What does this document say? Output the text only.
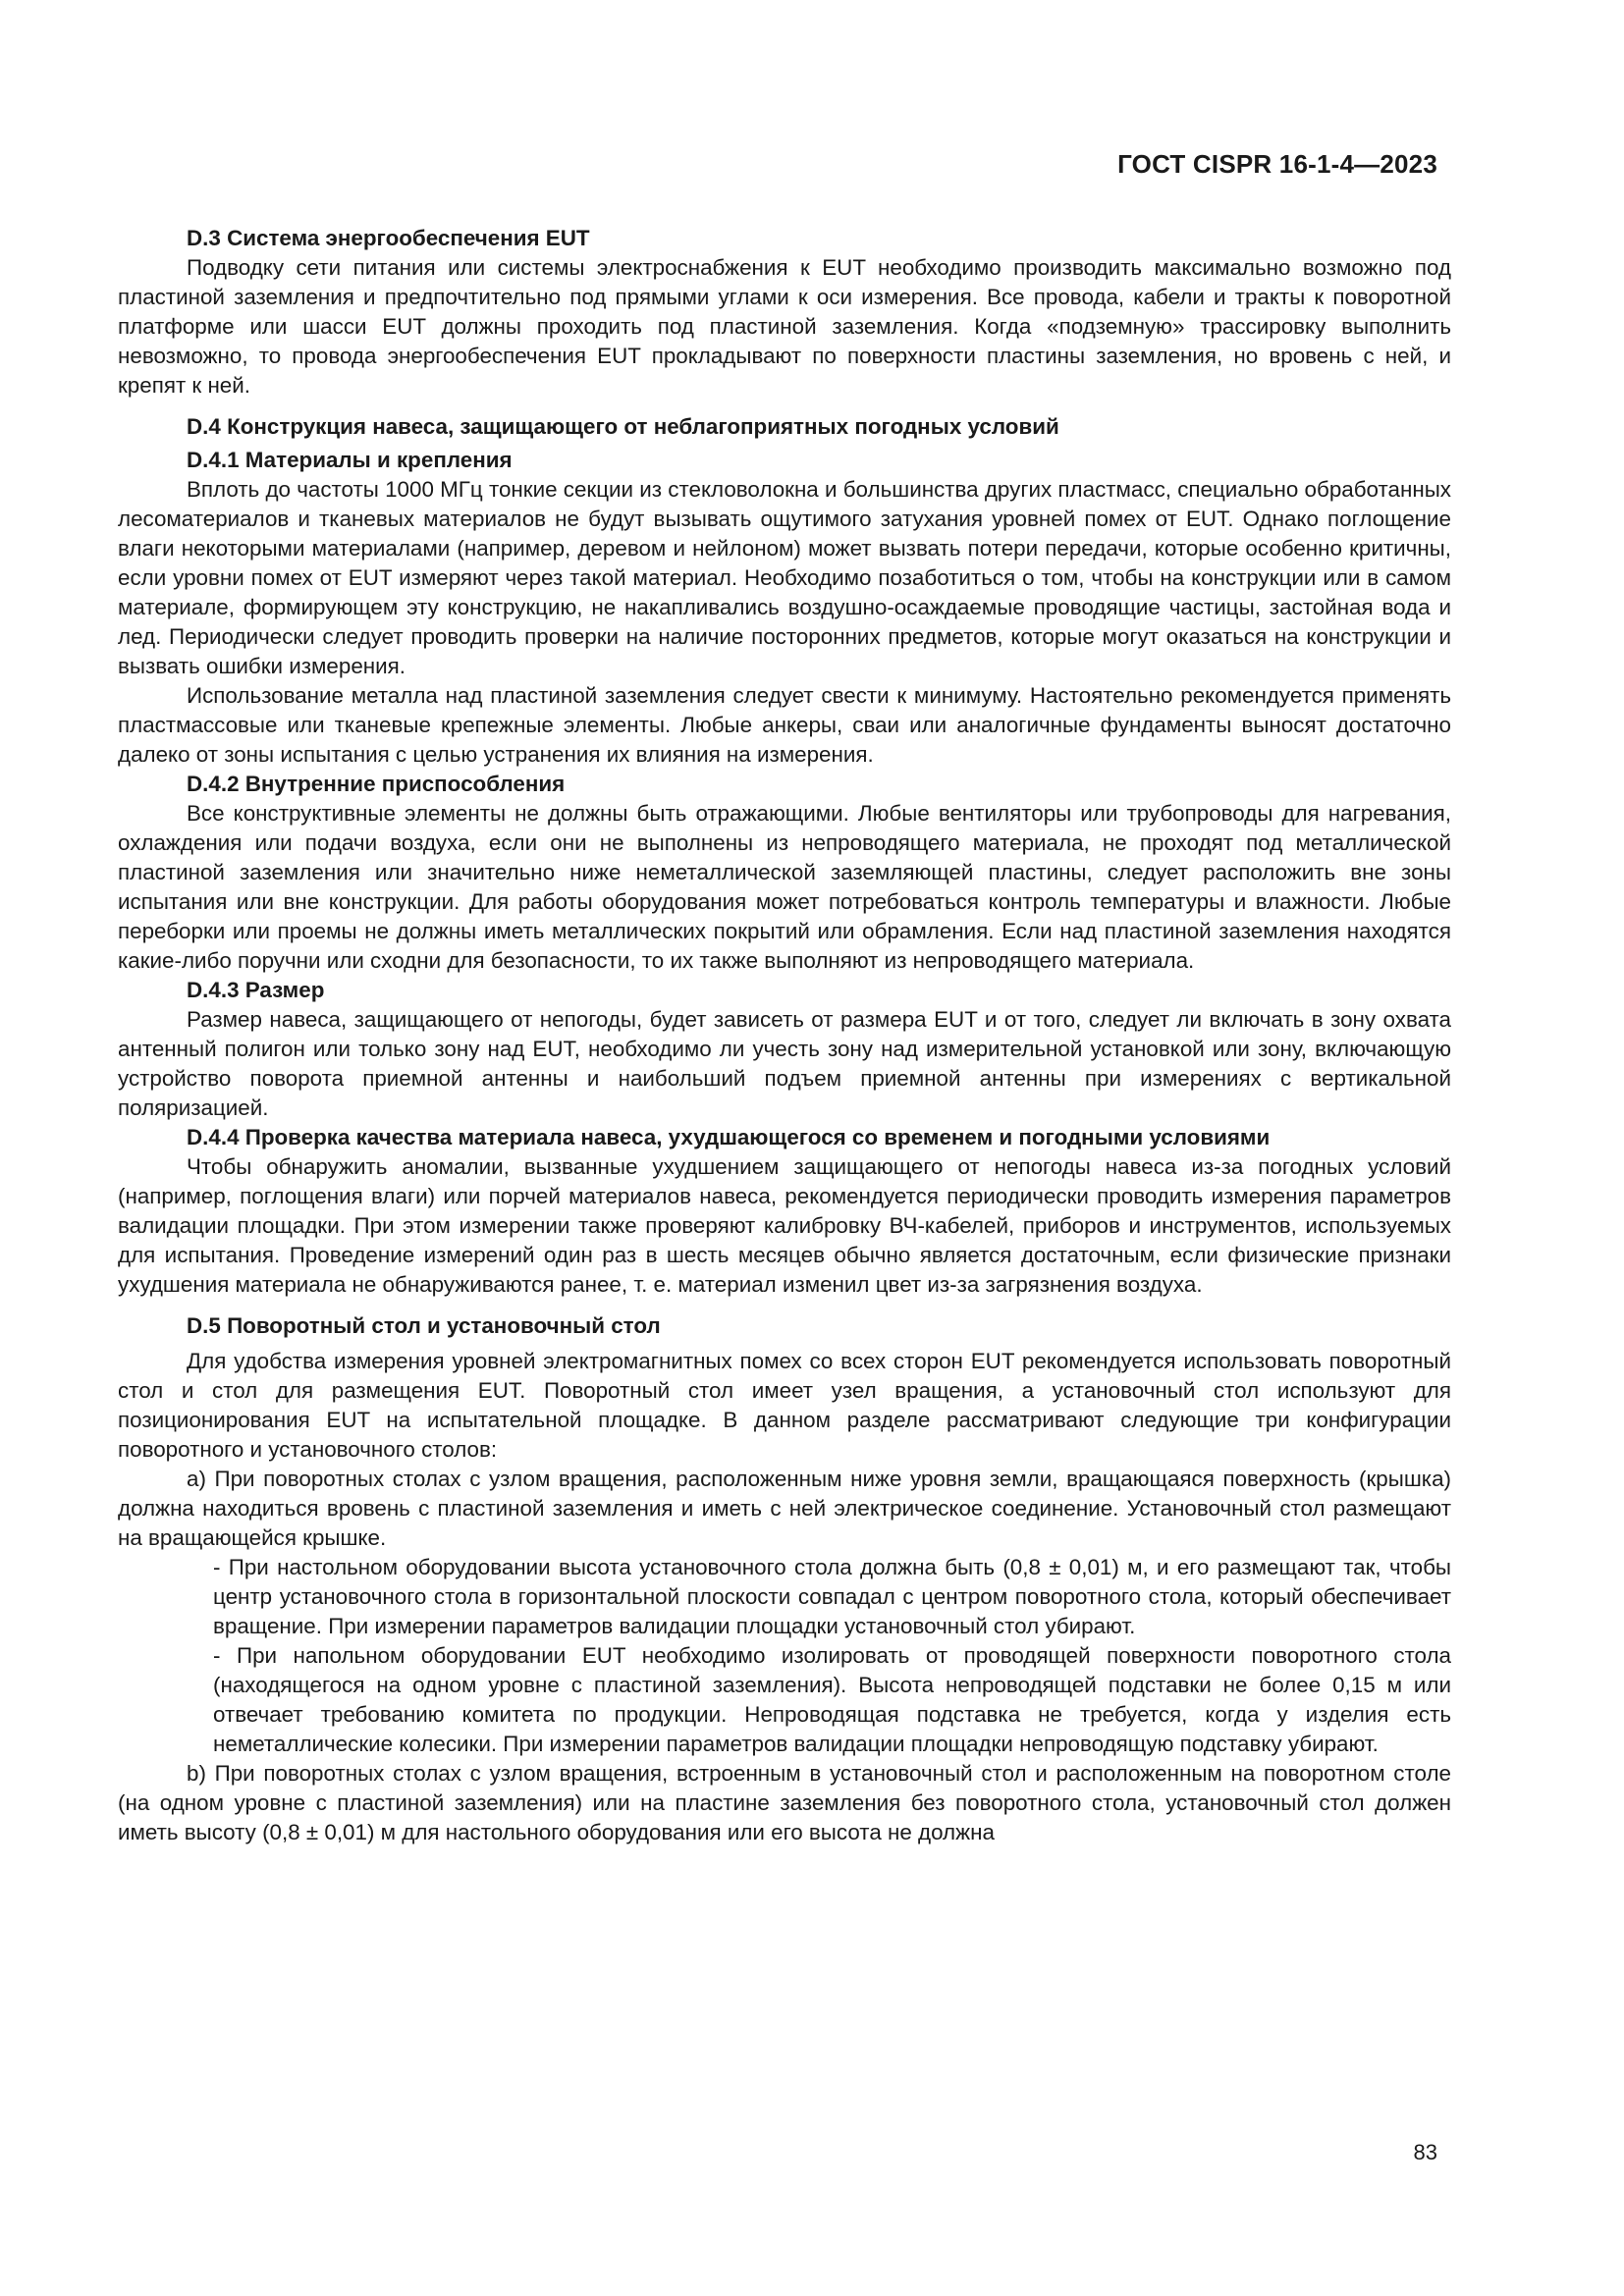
ГОСТ CISPR 16-1-4—2023

D.3 Система энергообеспечения EUT

Подводку сети питания или системы электроснабжения к EUT необходимо производить максимально возможно под пластиной заземления и предпочтительно под прямыми углами к оси измерения. Все провода, кабели и тракты к поворотной платформе или шасси EUT должны проходить под пластиной заземления. Когда «подземную» трассировку выполнить невозможно, то провода энергообеспечения EUT прокладывают по поверхности пластины заземления, но вровень с ней, и крепят к ней.

D.4 Конструкция навеса, защищающего от неблагоприятных погодных условий

D.4.1 Материалы и крепления

Вплоть до частоты 1000 МГц тонкие секции из стекловолокна и большинства других пластмасс, специально обработанных лесоматериалов и тканевых материалов не будут вызывать ощутимого затухания уровней помех от EUT. Однако поглощение влаги некоторыми материалами (например, деревом и нейлоном) может вызвать потери передачи, которые особенно критичны, если уровни помех от EUT измеряют через такой материал. Необходимо позаботиться о том, чтобы на конструкции или в самом материале, формирующем эту конструкцию, не накапливались воздушно-осаждаемые проводящие частицы, застойная вода и лед. Периодически следует проводить проверки на наличие посторонних предметов, которые могут оказаться на конструкции и вызвать ошибки измерения.

Использование металла над пластиной заземления следует свести к минимуму. Настоятельно рекомендуется применять пластмассовые или тканевые крепежные элементы. Любые анкеры, сваи или аналогичные фундаменты выносят достаточно далеко от зоны испытания с целью устранения их влияния на измерения.

D.4.2 Внутренние приспособления

Все конструктивные элементы не должны быть отражающими. Любые вентиляторы или трубопроводы для нагревания, охлаждения или подачи воздуха, если они не выполнены из непроводящего материала, не проходят под металлической пластиной заземления или значительно ниже неметаллической заземляющей пластины, следует расположить вне зоны испытания или вне конструкции. Для работы оборудования может потребоваться контроль температуры и влажности. Любые переборки или проемы не должны иметь металлических покрытий или обрамления. Если над пластиной заземления находятся какие-либо поручни или сходни для безопасности, то их также выполняют из непроводящего материала.

D.4.3 Размер

Размер навеса, защищающего от непогоды, будет зависеть от размера EUT и от того, следует ли включать в зону охвата антенный полигон или только зону над EUT, необходимо ли учесть зону над измерительной установкой или зону, включающую устройство поворота приемной антенны и наибольший подъем приемной антенны при измерениях с вертикальной поляризацией.

D.4.4 Проверка качества материала навеса, ухудшающегося со временем и погодными условиями

Чтобы обнаружить аномалии, вызванные ухудшением защищающего от непогоды навеса из-за погодных условий (например, поглощения влаги) или порчей материалов навеса, рекомендуется периодически проводить измерения параметров валидации площадки. При этом измерении также проверяют калибровку ВЧ-кабелей, приборов и инструментов, используемых для испытания. Проведение измерений один раз в шесть месяцев обычно является достаточным, если физические признаки ухудшения материала не обнаруживаются ранее, т. е. материал изменил цвет из-за загрязнения воздуха.

D.5 Поворотный стол и установочный стол

Для удобства измерения уровней электромагнитных помех со всех сторон EUT рекомендуется использовать поворотный стол и стол для размещения EUT. Поворотный стол имеет узел вращения, а установочный стол используют для позиционирования EUT на испытательной площадке. В данном разделе рассматривают следующие три конфигурации поворотного и установочного столов:

a) При поворотных столах с узлом вращения, расположенным ниже уровня земли, вращающаяся поверхность (крышка) должна находиться вровень с пластиной заземления и иметь с ней электрическое соединение. Установочный стол размещают на вращающейся крышке.

- При настольном оборудовании высота установочного стола должна быть (0,8 ± 0,01) м, и его размещают так, чтобы центр установочного стола в горизонтальной плоскости совпадал с центром поворотного стола, который обеспечивает вращение. При измерении параметров валидации площадки установочный стол убирают.

- При напольном оборудовании EUT необходимо изолировать от проводящей поверхности поворотного стола (находящегося на одном уровне с пластиной заземления). Высота непроводящей подставки не более 0,15 м или отвечает требованию комитета по продукции. Непроводящая подставка не требуется, когда у изделия есть неметаллические колесики. При измерении параметров валидации площадки непроводящую подставку убирают.

b) При поворотных столах с узлом вращения, встроенным в установочный стол и расположенным на поворотном столе (на одном уровне с пластиной заземления) или на пластине заземления без поворотного стола, установочный стол должен иметь высоту (0,8 ± 0,01) м для настольного оборудования или его высота не должна

83
